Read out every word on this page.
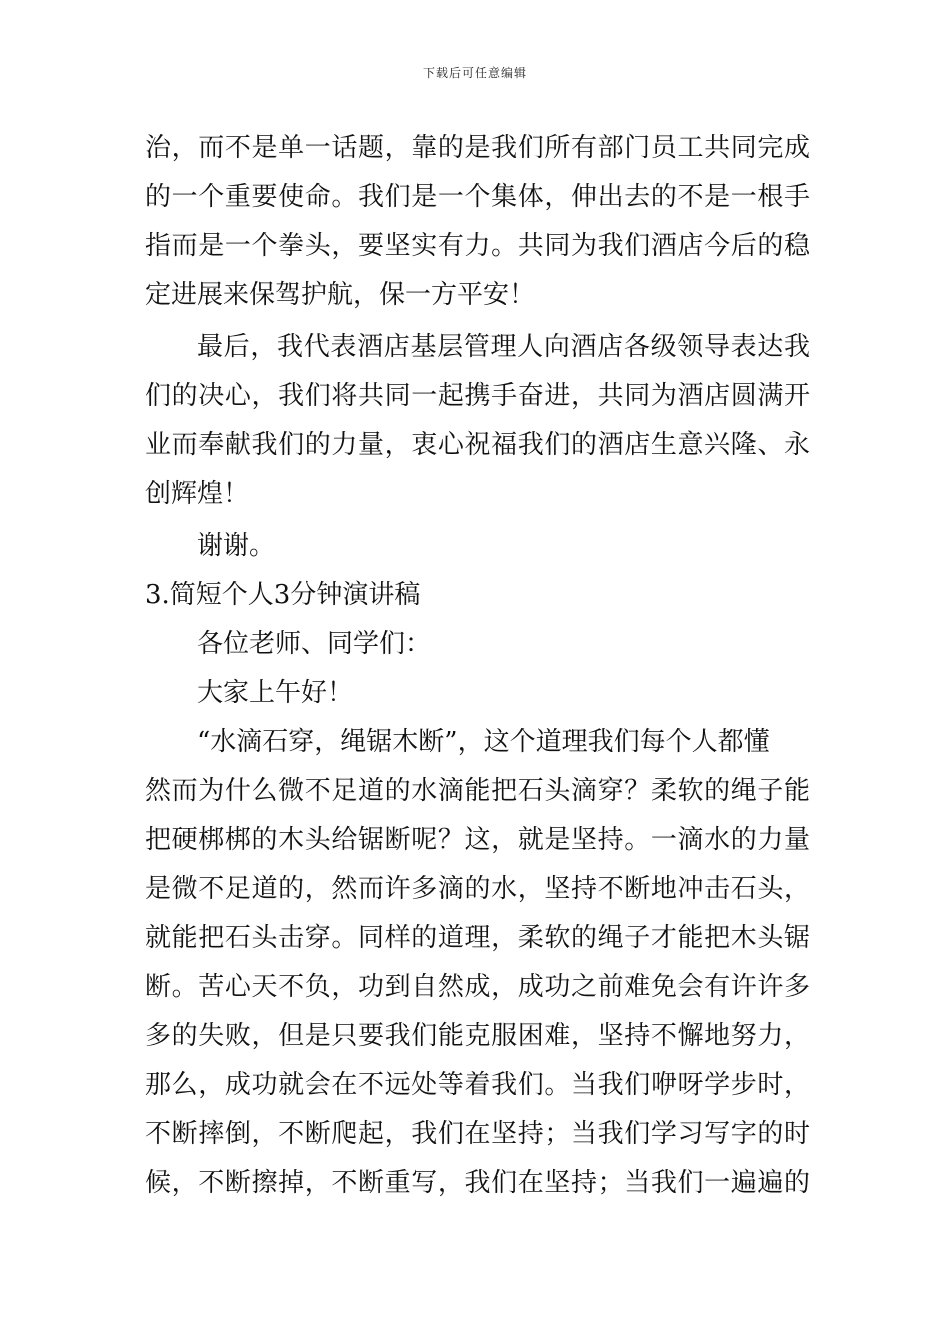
下载后可任意编辑
治，而不是单一话题，靠的是我们所有部门员工共同完成
的一个重要使命。我们是一个集体，伸出去的不是一根手
指而是一个拳头，要坚实有力。共同为我们酒店今后的稳
定进展来保驾护航，保一方平安！
最后，我代表酒店基层管理人向酒店各级领导表达我
们的决心，我们将共同一起携手奋进，共同为酒店圆满开
业而奉献我们的力量，衷心祝福我们的酒店生意兴隆、永
创辉煌！
谢谢。
3.简短个人3分钟演讲稿
各位老师、同学们：
大家上午好！
“水滴石穿，绳锯木断”，这个道理我们每个人都懂
然而为什么微不足道的水滴能把石头滴穿？柔软的绳子能
把硬梆梆的木头给锯断呢？这，就是坚持。一滴水的力量
是微不足道的，然而许多滴的水，坚持不断地冲击石头，
就能把石头击穿。同样的道理，柔软的绳子才能把木头锯
断。苦心天不负，功到自然成，成功之前难免会有许许多
多的失败，但是只要我们能克服困难，坚持不懈地努力，
那么，成功就会在不远处等着我们。当我们咿呀学步时，
不断摔倒，不断爬起，我们在坚持；当我们学习写字的时
候，不断擦掉，不断重写，我们在坚持；当我们一遍遍的
